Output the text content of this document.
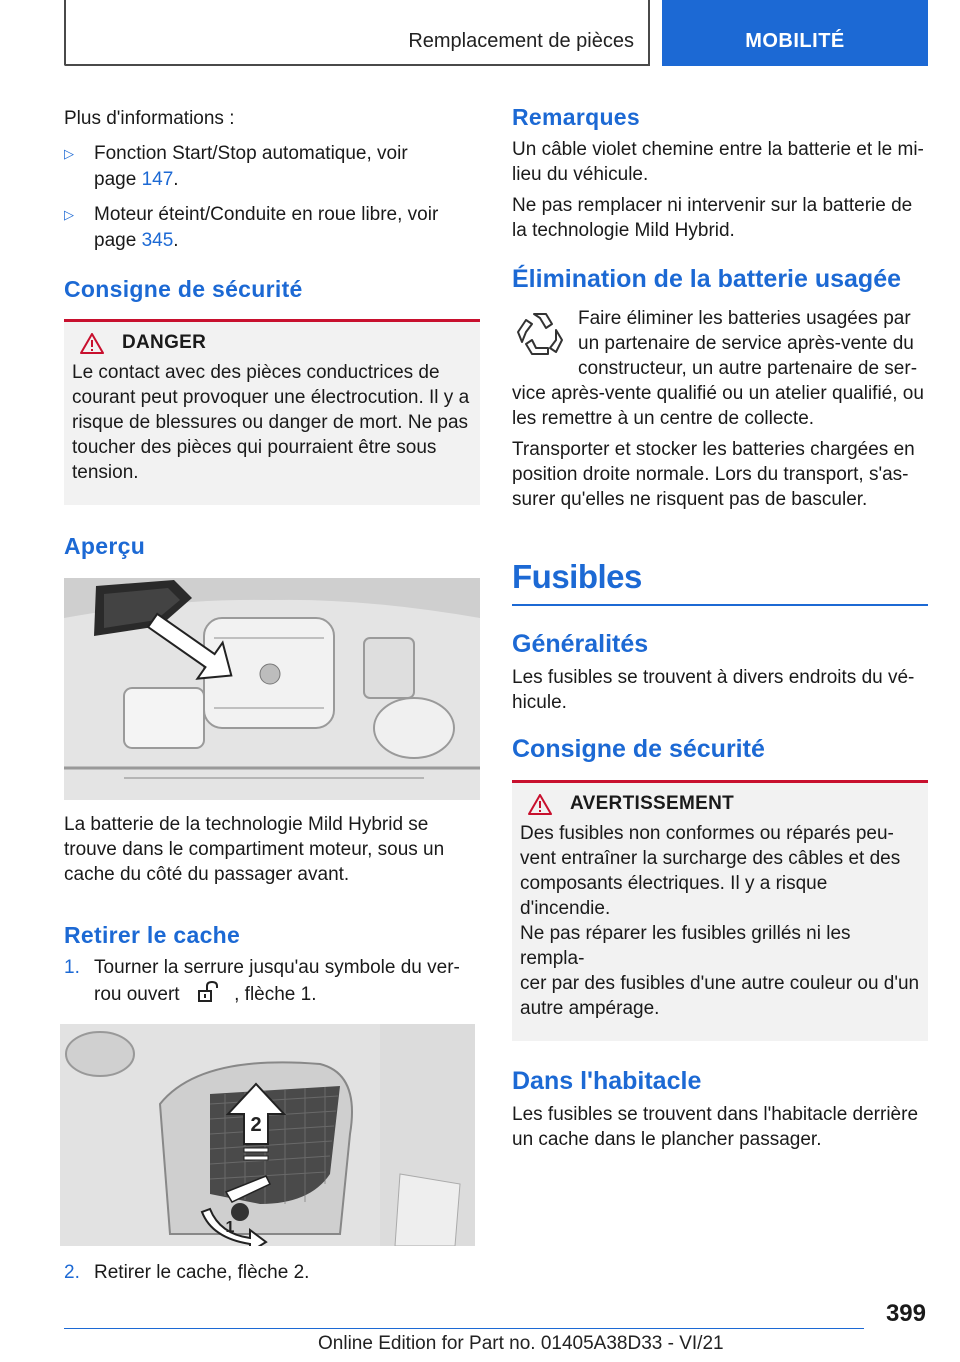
Remplacement de pièces	MOBILITÉ

Plus d'informations :

▷ Fonction Start/Stop automatique, voir
page 147.
▷ Moteur éteint/Conduite en roue libre, voir
page 345.
Consigne de sécurité
DANGER

Le contact avec des pièces conductrices de

courant peut provoquer une électrocution. Il y a

risque de blessures ou danger de mort. Ne pas

toucher des pièces qui pourraient être sous

tension.

Aperçu

La batterie de la technologie Mild Hybrid se

trouve dans le compartiment moteur, sous un

cache du côté du passager avant.

Retirer le cache
1. Tourner la serrure jusqu'au symbole du ver-
rou ouvert	, flèche 1.
2
1
2. Retirer le cache, flèche 2.
Remarques

Un câble violet chemine entre la batterie et le mi-

lieu du véhicule.

Ne pas remplacer ni intervenir sur la batterie de

la technologie Mild Hybrid.

Élimination de la batterie usagée

Faire éliminer les batteries usagées par

un partenaire de service après-vente du

constructeur, un autre partenaire de ser-

vice après-vente qualifié ou un atelier qualifié, ou

les remettre à un centre de collecte.

Transporter et stocker les batteries chargées en

position droite normale. Lors du transport, s'as-

surer qu'elles ne risquent pas de basculer.

Fusibles
Généralités

Les fusibles se trouvent à divers endroits du vé-

hicule.

Consigne de sécurité
AVERTISSEMENT

Des fusibles non conformes ou réparés peu-

vent entraîner la surcharge des câbles et des

composants électriques. Il y a risque d'incendie.

Ne pas réparer les fusibles grillés ni les rempla-

cer par des fusibles d'une autre couleur ou d'un

autre ampérage.

Dans l'habitacle

Les fusibles se trouvent dans l'habitacle derrière

un cache dans le plancher passager.

399
Online Edition for Part no. 01405A38D33 - VI/21
